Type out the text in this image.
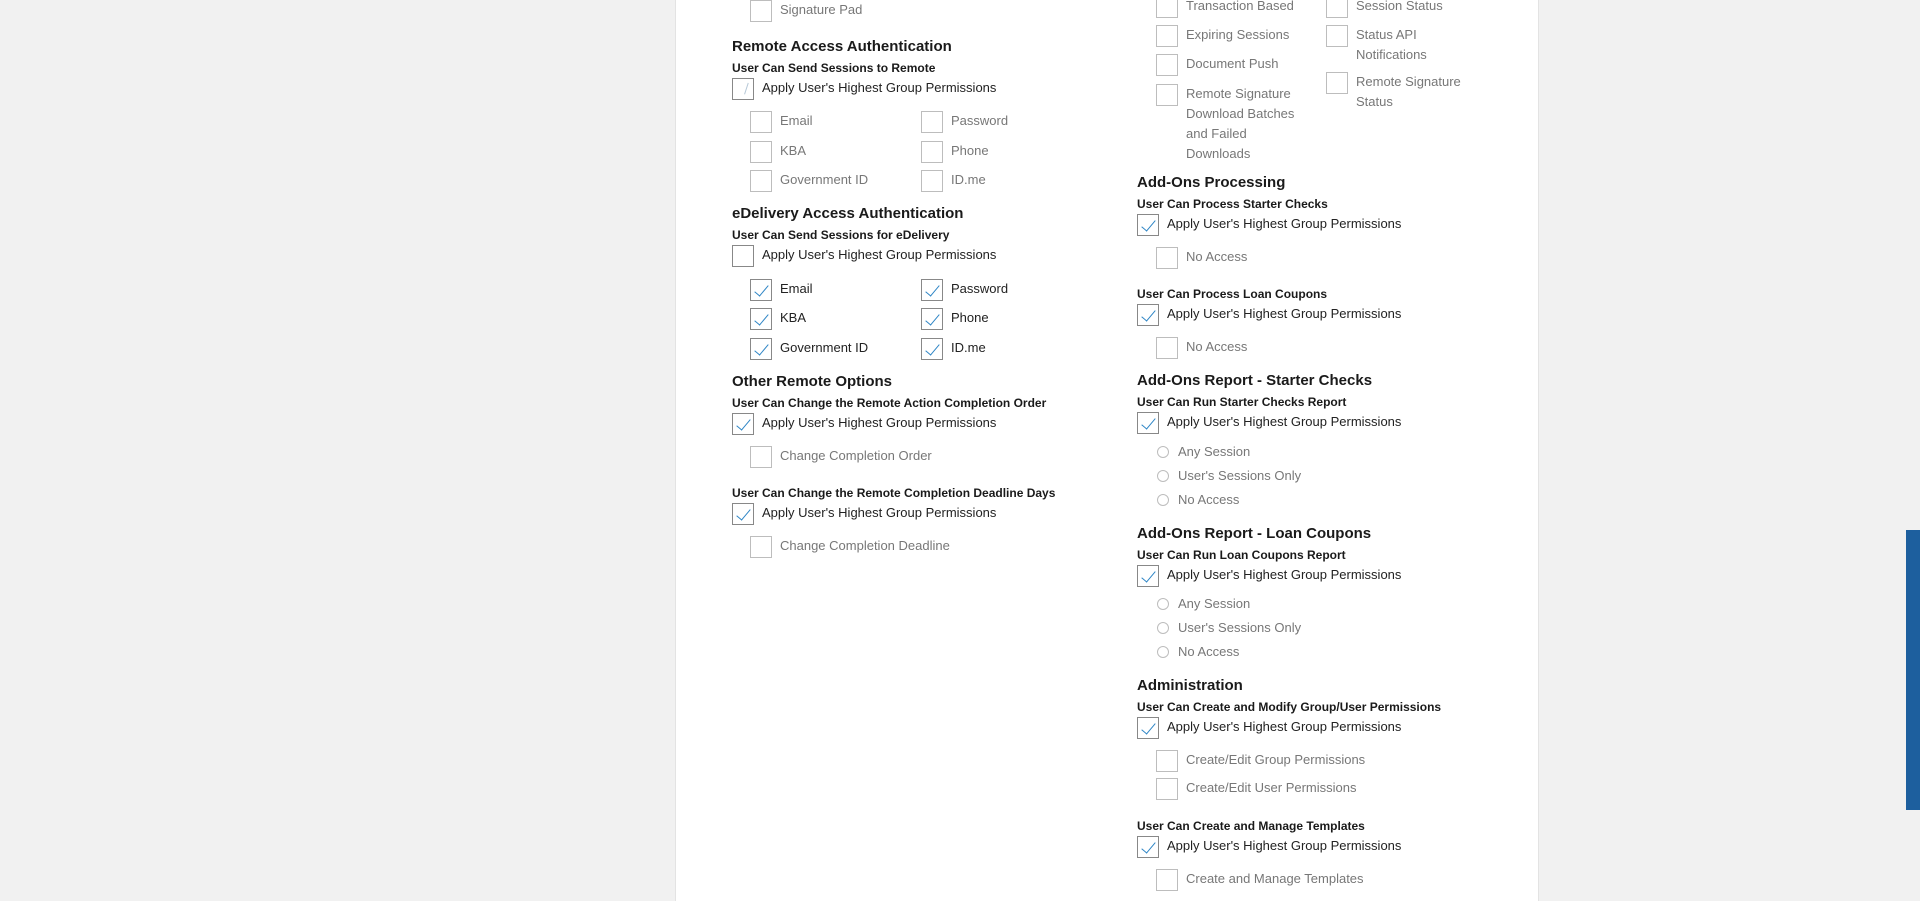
Signature Pad
Remote Access Authentication
User Can Send Sessions to Remote
Apply User's Highest Group Permissions
Email	Password
KBA	Phone
Government ID	ID.me
eDelivery Access Authentication
User Can Send Sessions for eDelivery
Apply User's Highest Group Permissions
Email	Password
KBA	Phone
Government ID	ID.me
Other Remote Options
User Can Change the Remote Action Completion Order
Apply User's Highest Group Permissions
Change Completion Order
User Can Change the Remote Completion Deadline Days
Apply User's Highest Group Permissions
Change Completion Deadline
Transaction Based	Session Status
Expiring Sessions	Status API Notifications
Document Push
Remote Signature Download Batches and Failed Downloads
Remote Signature Status
Add-Ons Processing
User Can Process Starter Checks
Apply User's Highest Group Permissions
No Access
User Can Process Loan Coupons
Apply User's Highest Group Permissions
No Access
Add-Ons Report - Starter Checks
User Can Run Starter Checks Report
Apply User's Highest Group Permissions
Any Session
User's Sessions Only
No Access
Add-Ons Report - Loan Coupons
User Can Run Loan Coupons Report
Apply User's Highest Group Permissions
Any Session
User's Sessions Only
No Access
Administration
User Can Create and Modify Group/User Permissions
Apply User's Highest Group Permissions
Create/Edit Group Permissions
Create/Edit User Permissions
User Can Create and Manage Templates
Apply User's Highest Group Permissions
Create and Manage Templates
